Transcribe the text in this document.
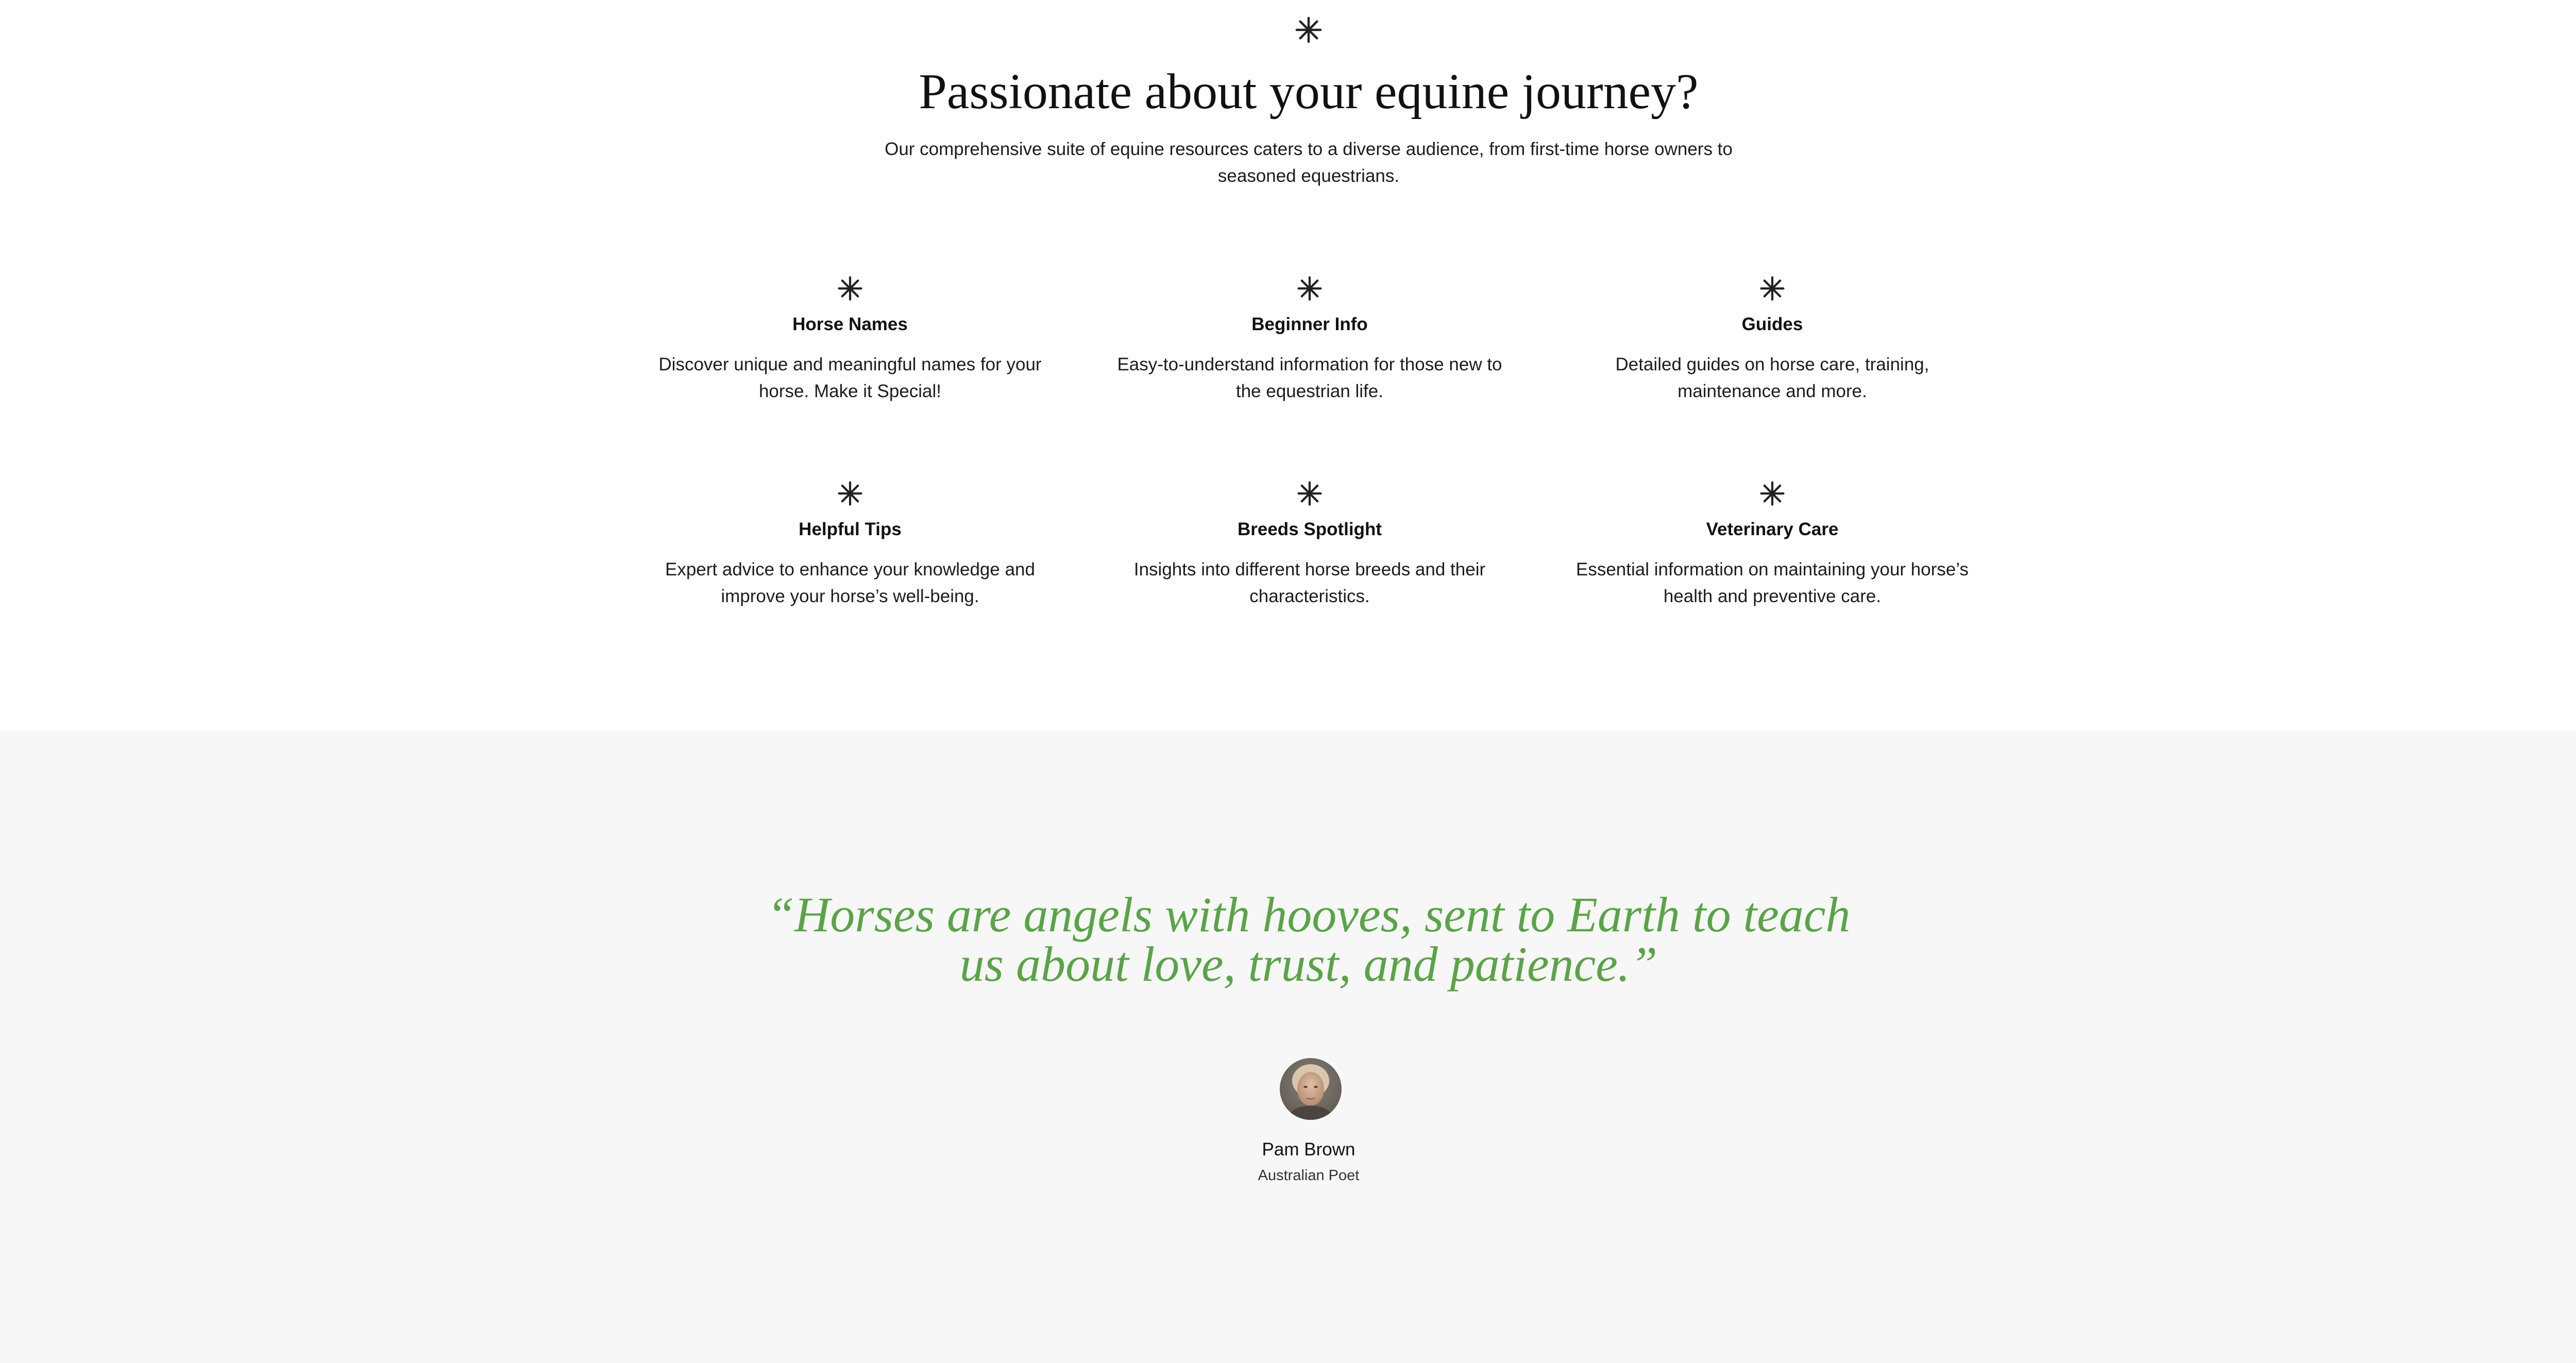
Passionate about your equine journey?

Our comprehensive suite of equine resources caters to a diverse audience, from first-time horse owners to seasoned equestrians.

Horse Names

Discover unique and meaningful names for your horse. Make it Special!

Beginner Info

Easy-to-understand information for those new to the equestrian life.

Guides

Detailed guides on horse care, training, maintenance and more.

Helpful Tips

Expert advice to enhance your knowledge and improve your horse’s well-being.

Breeds Spotlight

Insights into different horse breeds and their characteristics.

Veterinary Care

Essential information on maintaining your horse’s health and preventive care.

“Horses are angels with hooves, sent to Earth to teach us about love, trust, and patience.”

Pam Brown

Australian Poet
